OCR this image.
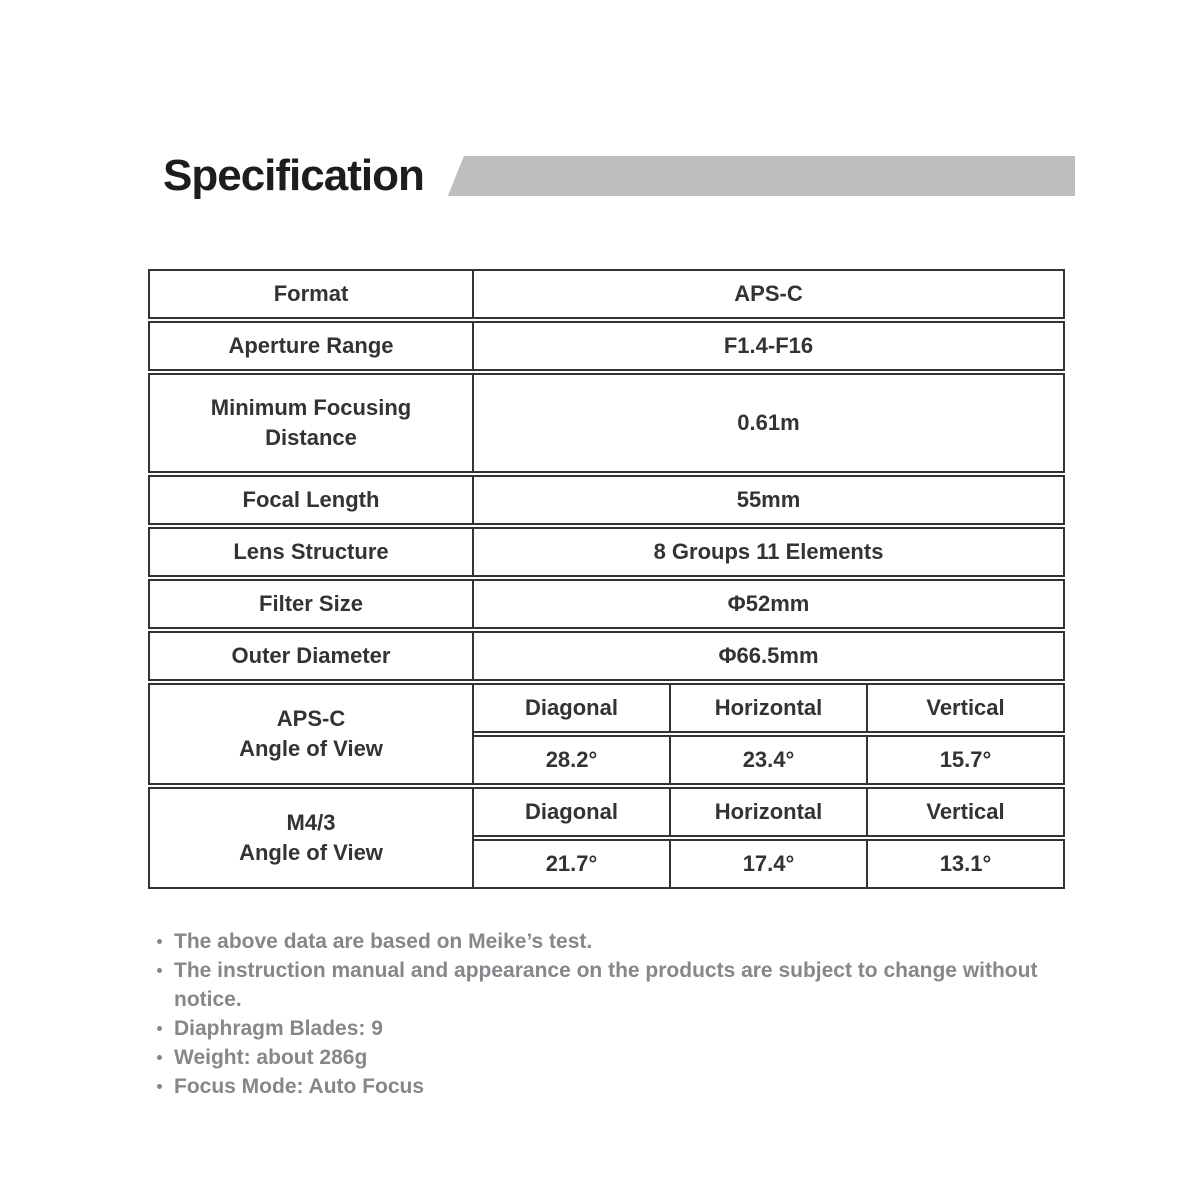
Specification
Format	APS-C		

Aperture Range	F1.4-F16		

Minimum Focusing Distance	0.61m		

Focal Length	55mm		

Lens Structure	8 Groups 11 Elements		

Filter Size	Φ52mm		

Outer Diameter	Φ66.5mm		

APS-C
Angle of View	Diagonal	Horizontal	Vertical
	28.2°	23.4°	15.7°

M4/3
Angle of View	Diagonal	Horizontal	Vertical
	21.7°	17.4°	13.1°
The above data are based on Meike’s test.
The instruction manual and appearance on the products are subject to change without notice.
Diaphragm Blades: 9
Weight: about 286g
Focus Mode: Auto Focus
